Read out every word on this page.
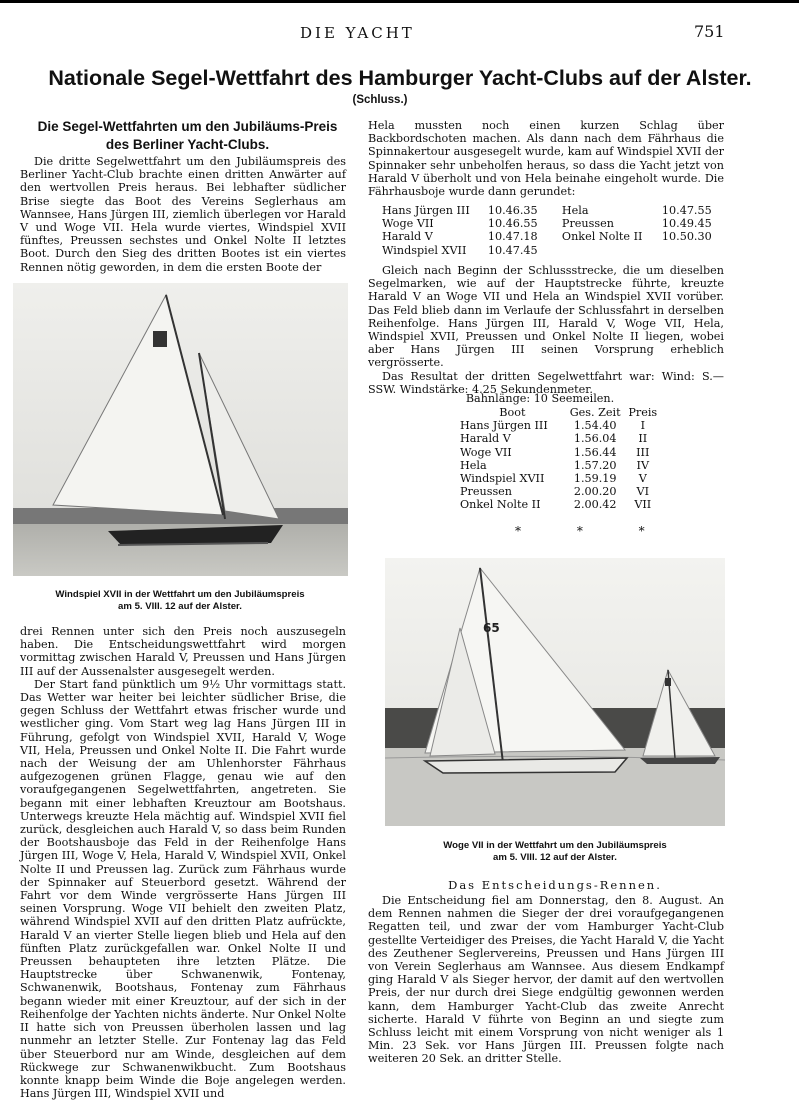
DIE YACHT	751
Nationale Segel-Wettfahrt des Hamburger Yacht-Clubs auf der Alster.
(Schluss.)
Die Segel-Wettfahrten um den Jubiläums-Preis
des Berliner Yacht-Clubs.

Die dritte Segelwettfahrt um den Jubiläumspreis des Berliner Yacht-Club brachte einen dritten Anwärter auf den wertvollen Preis heraus. Bei lebhafter südlicher Brise siegte das Boot des Vereins Seglerhaus am Wannsee, Hans Jürgen III, ziemlich überlegen vor Harald V und Woge VII. Hela wurde viertes, Windspiel XVII fünftes, Preussen sechstes und Onkel Nolte II letztes Boot. Durch den Sieg des dritten Bootes ist ein viertes Rennen nötig geworden, in dem die ersten Boote der

Windspiel XVII in der Wettfahrt um den Jubiläumspreis
am 5. VIII. 12 auf der Alster.

drei Rennen unter sich den Preis noch auszusegeln haben. Die Entscheidungswettfahrt wird morgen vormittag zwischen Harald V, Preussen und Hans Jürgen III auf der Aussenalster ausgesegelt werden.

Der Start fand pünktlich um 9½ Uhr vormittags statt. Das Wetter war heiter bei leichter südlicher Brise, die gegen Schluss der Wettfahrt etwas frischer wurde und westlicher ging. Vom Start weg lag Hans Jürgen III in Führung, gefolgt von Windspiel XVII, Harald V, Woge VII, Hela, Preussen und Onkel Nolte II. Die Fahrt wurde nach der Weisung der am Uhlenhorster Fährhaus aufgezogenen grünen Flagge, genau wie auf den voraufgegangenen Segelwettfahrten, angetreten. Sie begann mit einer lebhaften Kreuztour am Bootshaus. Unterwegs kreuzte Hela mächtig auf. Windspiel XVII fiel zurück, desgleichen auch Harald V, so dass beim Runden der Bootshausboje das Feld in der Reihenfolge Hans Jürgen III, Woge V, Hela, Harald V, Windspiel XVII, Onkel Nolte II und Preussen lag. Zurück zum Fährhaus wurde der Spinnaker auf Steuerbord gesetzt. Während der Fahrt vor dem Winde vergrösserte Hans Jürgen III seinen Vorsprung. Woge VII behielt den zweiten Platz, während Windspiel XVII auf den dritten Platz aufrückte, Harald V an vierter Stelle liegen blieb und Hela auf den fünften Platz zurückgefallen war. Onkel Nolte II und Preussen behaupteten ihre letzten Plätze. Die Hauptstrecke über Schwanenwik, Fontenay, Schwanenwik, Bootshaus, Fontenay zum Fährhaus begann wieder mit einer Kreuztour, auf der sich in der Reihenfolge der Yachten nichts änderte. Nur Onkel Nolte II hatte sich von Preussen überholen lassen und lag nunmehr an letzter Stelle. Zur Fontenay lag das Feld über Steuerbord nur am Winde, desgleichen auf dem Rückwege zur Schwanenwikbucht. Zum Bootshaus konnte knapp beim Winde die Boje angelegen werden. Hans Jürgen III, Windspiel XVII und

Hela mussten noch einen kurzen Schlag über Backbordschoten machen. Als dann nach dem Fährhaus die Spinnakertour ausgesegelt wurde, kam auf Windspiel XVII der Spinnaker sehr unbeholfen heraus, so dass die Yacht jetzt von Harald V überholt und von Hela beinahe eingeholt wurde. Die Fährhausboje wurde dann gerundet:

Hans Jürgen III	10.46.35	Hela	10.47.55
Woge VII	10.46.55	Preussen	10.49.45
Harald V	10.47.18	Onkel Nolte II	10.50.30
Windspiel XVII	10.47.45		

Gleich nach Beginn der Schlussstrecke, die um dieselben Segelmarken, wie auf der Hauptstrecke führte, kreuzte Harald V an Woge VII und Hela an Windspiel XVII vorüber. Das Feld blieb dann im Verlaufe der Schlussfahrt in derselben Reihenfolge. Hans Jürgen III, Harald V, Woge VII, Hela, Windspiel XVII, Preussen und Onkel Nolte II liegen, wobei aber Hans Jürgen III seinen Vorsprung erheblich vergrösserte.

Das Resultat der dritten Segelwettfahrt war: Wind: S.—SSW. Windstärke: 4.25 Sekundenmeter.

Bahnlänge: 10 Seemeilen.
Boot	Ges. Zeit	Preis
Hans Jürgen III	1.54.40	I
Harald V	1.56.04	II
Woge VII	1.56.44	III
Hela	1.57.20	IV
Windspiel XVII	1.59.19	V
Preussen	2.00.20	VI
Onkel Nolte II	2.00.42	VII
* * *
65
Woge VII in der Wettfahrt um den Jubiläumspreis
am 5. VIII. 12 auf der Alster.
Das Entscheidungs-Rennen.

Die Entscheidung fiel am Donnerstag, den 8. August. An dem Rennen nahmen die Sieger der drei voraufgegangenen Regatten teil, und zwar der vom Hamburger Yacht-Club gestellte Verteidiger des Preises, die Yacht Harald V, die Yacht des Zeuthener Seglervereins, Preussen und Hans Jürgen III von Verein Seglerhaus am Wannsee. Aus diesem Endkampf ging Harald V als Sieger hervor, der damit auf den wertvollen Preis, der nur durch drei Siege endgültig gewonnen werden kann, dem Hamburger Yacht-Club das zweite Anrecht sicherte. Harald V führte von Beginn an und siegte zum Schluss leicht mit einem Vorsprung von nicht weniger als 1 Min. 23 Sek. vor Hans Jürgen III. Preussen folgte nach weiteren 20 Sek. an dritter Stelle.
